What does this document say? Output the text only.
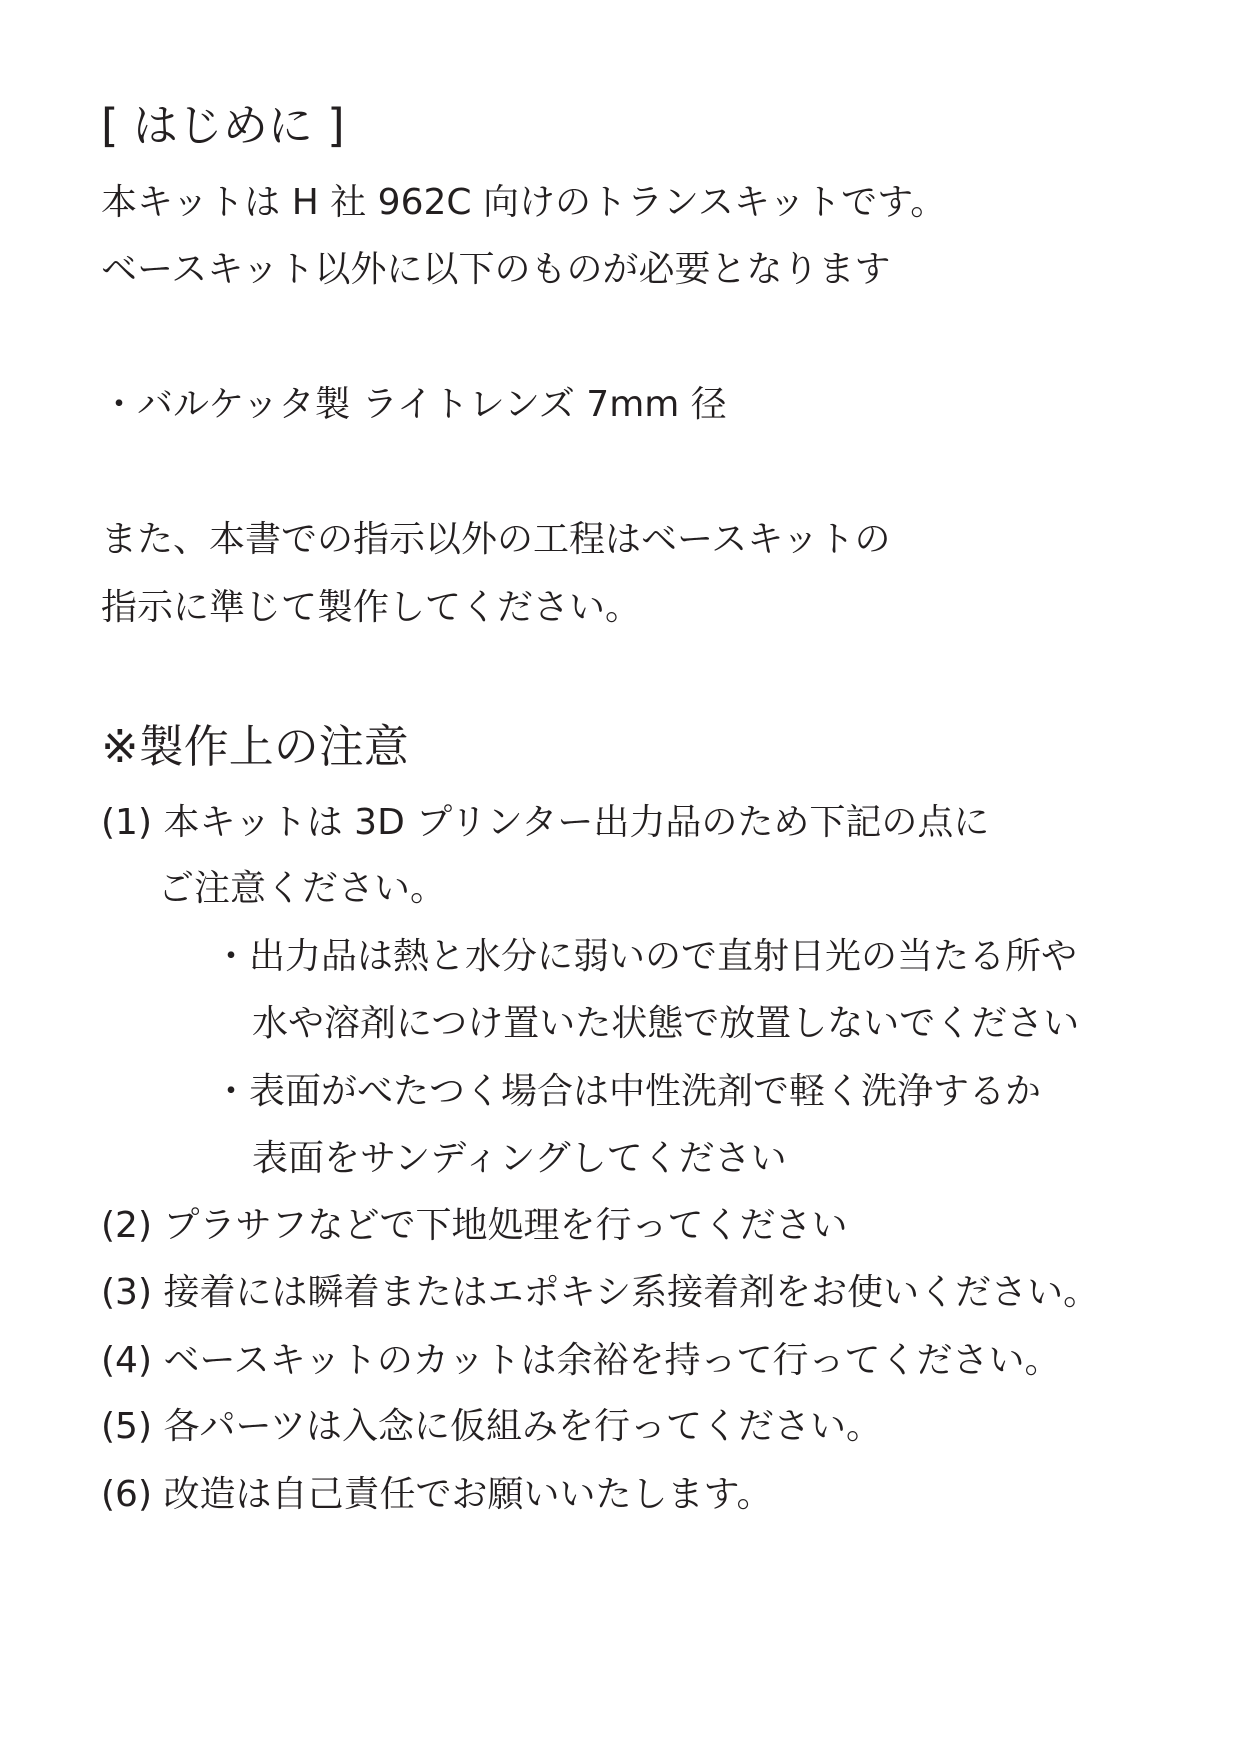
[ はじめに ]
本キットは H 社 962C 向けのトランスキットです。
ベースキット以外に以下のものが必要となります
・バルケッタ製 ライトレンズ 7mm 径
また、本書での指示以外の工程はベースキットの
指示に準じて製作してください。
※製作上の注意
(1) 本キットは 3D プリンター出力品のため下記の点に
ご注意ください。
・出力品は熱と水分に弱いので直射日光の当たる所や
水や溶剤につけ置いた状態で放置しないでください
・表面がべたつく場合は中性洗剤で軽く洗浄するか
表面をサンディングしてください
(2) プラサフなどで下地処理を行ってください
(3) 接着には瞬着またはエポキシ系接着剤をお使いください。
(4) ベースキットのカットは余裕を持って行ってください。
(5) 各パーツは入念に仮組みを行ってください。
(6) 改造は自己責任でお願いいたします。
